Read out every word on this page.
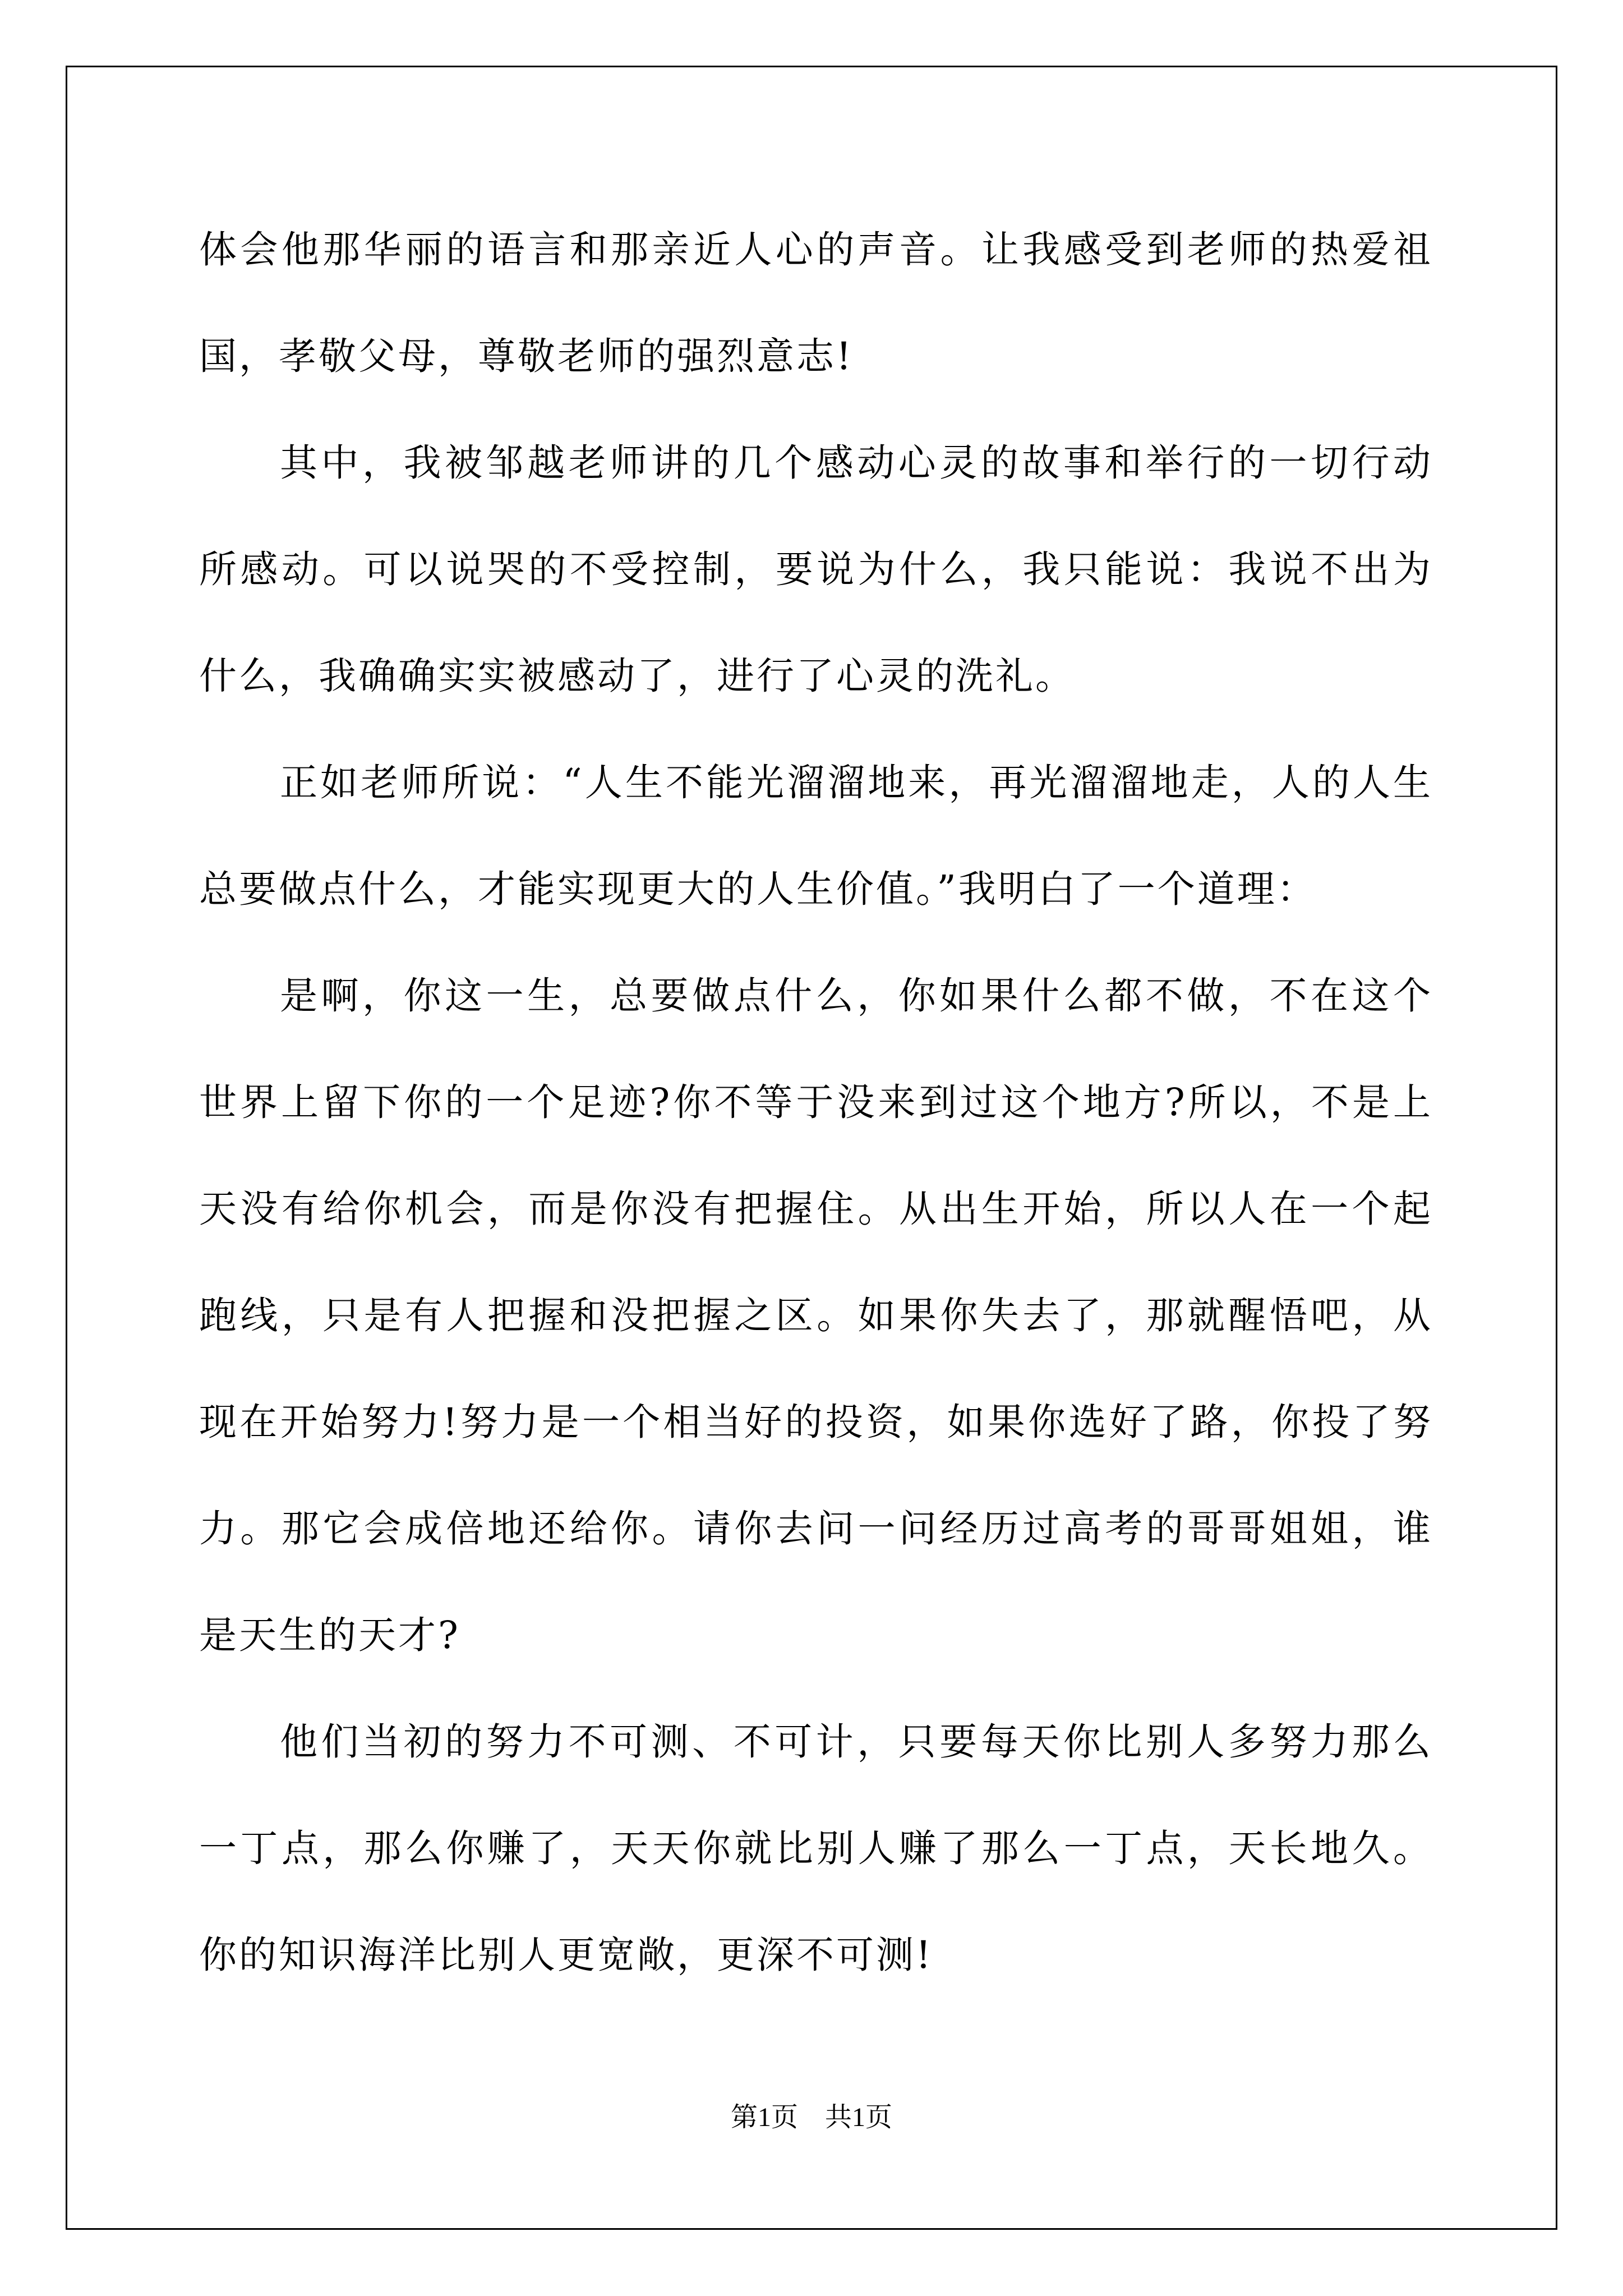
体会他那华丽的语言和那亲近人心的声音。让我感受到老师的热爱祖国，孝敬父母，尊敬老师的强烈意志!

其中，我被邹越老师讲的几个感动心灵的故事和举行的一切行动所感动。可以说哭的不受控制，要说为什么，我只能说：我说不出为什么，我确确实实被感动了，进行了心灵的洗礼。

正如老师所说：“人生不能光溜溜地来，再光溜溜地走，人的人生总要做点什么，才能实现更大的人生价值。”我明白了一个道理：

是啊，你这一生，总要做点什么，你如果什么都不做，不在这个世界上留下你的一个足迹?你不等于没来到过这个地方?所以，不是上天没有给你机会，而是你没有把握住。从出生开始，所以人在一个起跑线，只是有人把握和没把握之区。如果你失去了，那就醒悟吧，从现在开始努力!努力是一个相当好的投资，如果你选好了路，你投了努力。那它会成倍地还给你。请你去问一问经历过高考的哥哥姐姐，谁是天生的天才?

他们当初的努力不可测、不可计，只要每天你比别人多努力那么一丁点，那么你赚了，天天你就比别人赚了那么一丁点，天长地久。你的知识海洋比别人更宽敞，更深不可测!

第1页　共1页
